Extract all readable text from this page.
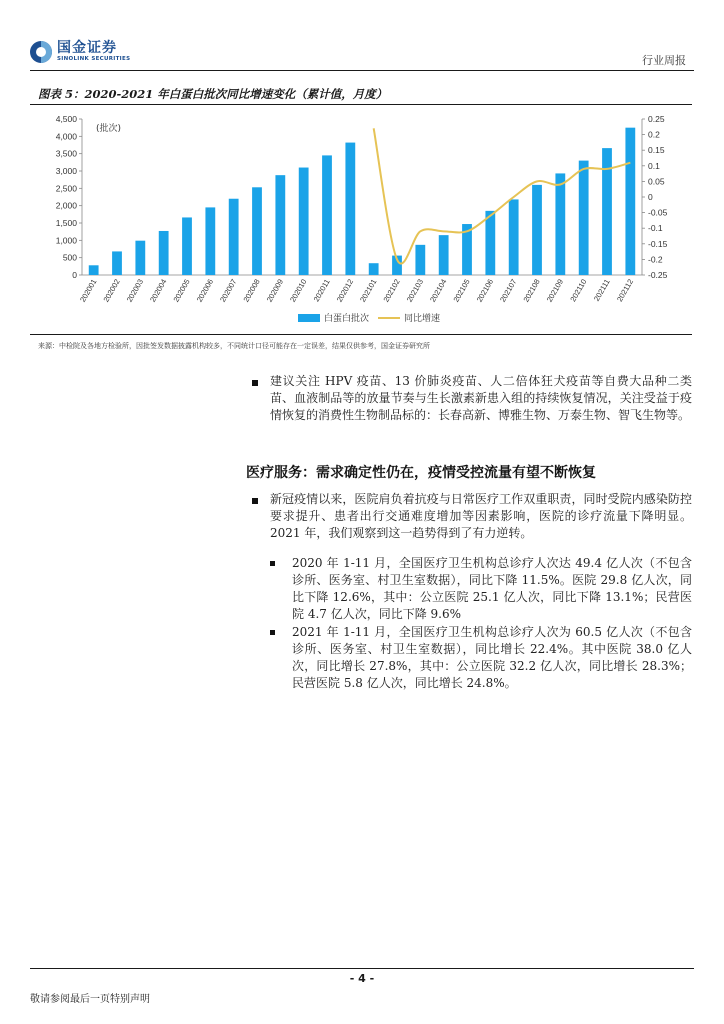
国金证券
SINOLINK SECURITIES	行业周报
图表 5：2020-2021 年白蛋白批次同比增速变化（累计值，月度）
0
500
1,000
1,500
2,000
2,500
3,000
3,500
4,000
4,500
-0.25
-0.2
-0.15
-0.1
-0.05
0
0.05
0.1
0.15
0.2
0.25
(批次)
202001 202002 202003 202004 202005 202006 202007 202008 202009 202010 202011 202012 202101 202102 202103 202104 202105 202106 202107 202108 202109 202110 202111 202112
白蛋白批次	同比增速
来源：中检院及各地方检验所，因批签发数据披露机构较多，不同统计口径可能存在一定误差，结果仅供参考，国金证券研究所
建议关注 HPV 疫苗、13 价肺炎疫苗、人二倍体狂犬疫苗等自费大品种二类苗、血液制品等的放量节奏与生长激素新患入组的持续恢复情况，关注受益于疫情恢复的消费性生物制品标的：长春高新、博雅生物、万泰生物、智飞生物等。
医疗服务：需求确定性仍在，疫情受控流量有望不断恢复
新冠疫情以来，医院肩负着抗疫与日常医疗工作双重职责，同时受院内感染防控要求提升、患者出行交通难度增加等因素影响，医院的诊疗流量下降明显。2021 年，我们观察到这一趋势得到了有力逆转。
2020 年 1-11 月，全国医疗卫生机构总诊疗人次达 49.4 亿人次（不包含诊所、医务室、村卫生室数据），同比下降 11.5%。医院 29.8 亿人次，同比下降 12.6%，其中：公立医院 25.1 亿人次，同比下降 13.1%；民营医院 4.7 亿人次，同比下降 9.6%
2021 年 1-11 月，全国医疗卫生机构总诊疗人次为 60.5 亿人次（不包含诊所、医务室、村卫生室数据），同比增长 22.4%。其中医院 38.0 亿人次，同比增长 27.8%，其中：公立医院 32.2 亿人次，同比增长 28.3%；民营医院 5.8 亿人次，同比增长 24.8%。
- 4 -
敬请参阅最后一页特别声明
